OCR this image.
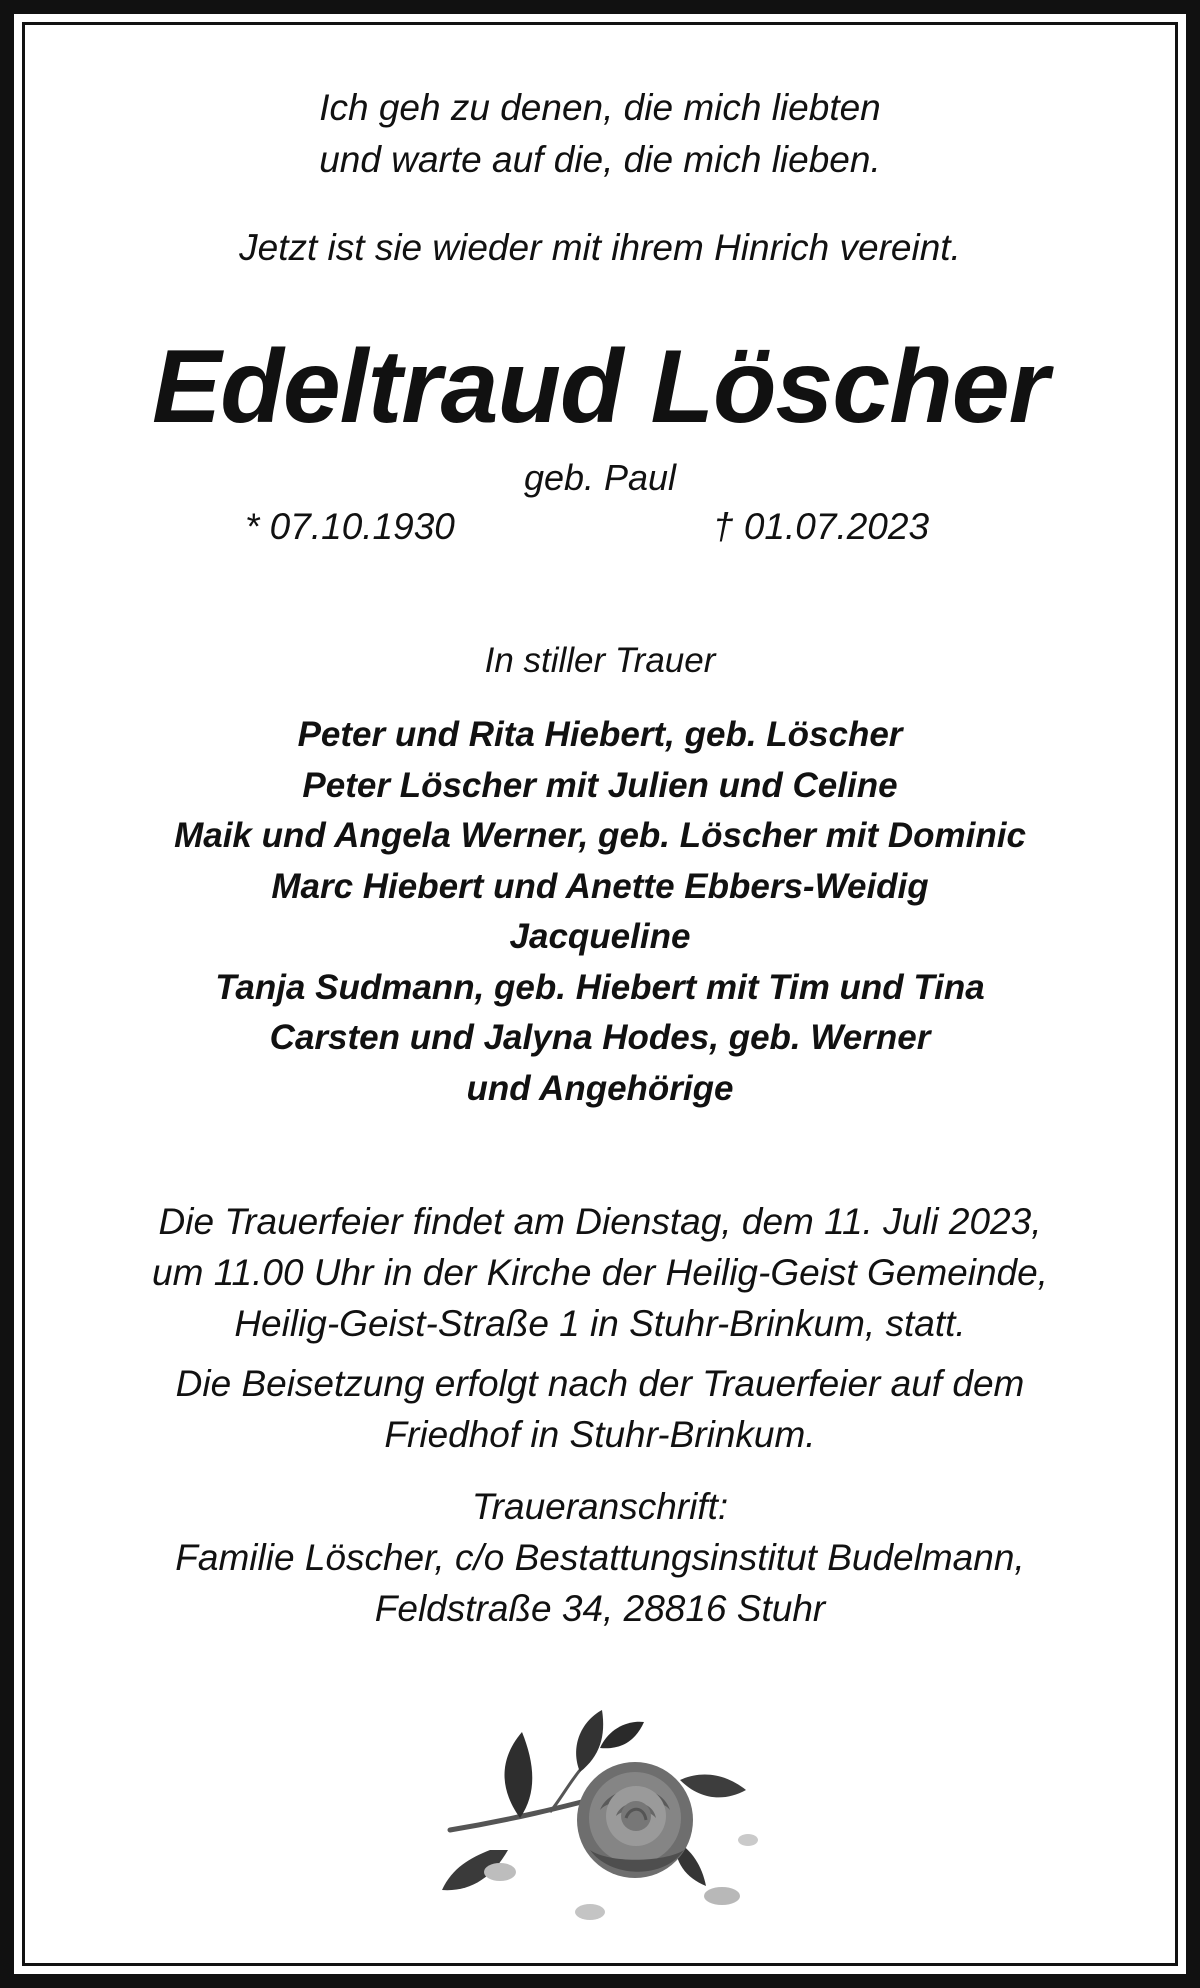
Ich geh zu denen, die mich liebten
und warte auf die, die mich lieben.
Jetzt ist sie wieder mit ihrem Hinrich vereint.
Edeltraud Löscher
geb. Paul
* 07.10.1930	† 01.07.2023
In stiller Trauer
Peter und Rita Hiebert, geb. Löscher
Peter Löscher mit Julien und Celine
Maik und Angela Werner, geb. Löscher mit Dominic
Marc Hiebert und Anette Ebbers-Weidig
Jacqueline
Tanja Sudmann, geb. Hiebert mit Tim und Tina
Carsten und Jalyna Hodes, geb. Werner
und Angehörige
Die Trauerfeier findet am Dienstag, dem 11. Juli 2023,
um 11.00 Uhr in der Kirche der Heilig-Geist Gemeinde,
Heilig-Geist-Straße 1 in Stuhr-Brinkum, statt.
Die Beisetzung erfolgt nach der Trauerfeier auf dem
Friedhof in Stuhr-Brinkum.
Traueranschrift:
Familie Löscher, c/o Bestattungsinstitut Budelmann,
Feldstraße 34, 28816 Stuhr
